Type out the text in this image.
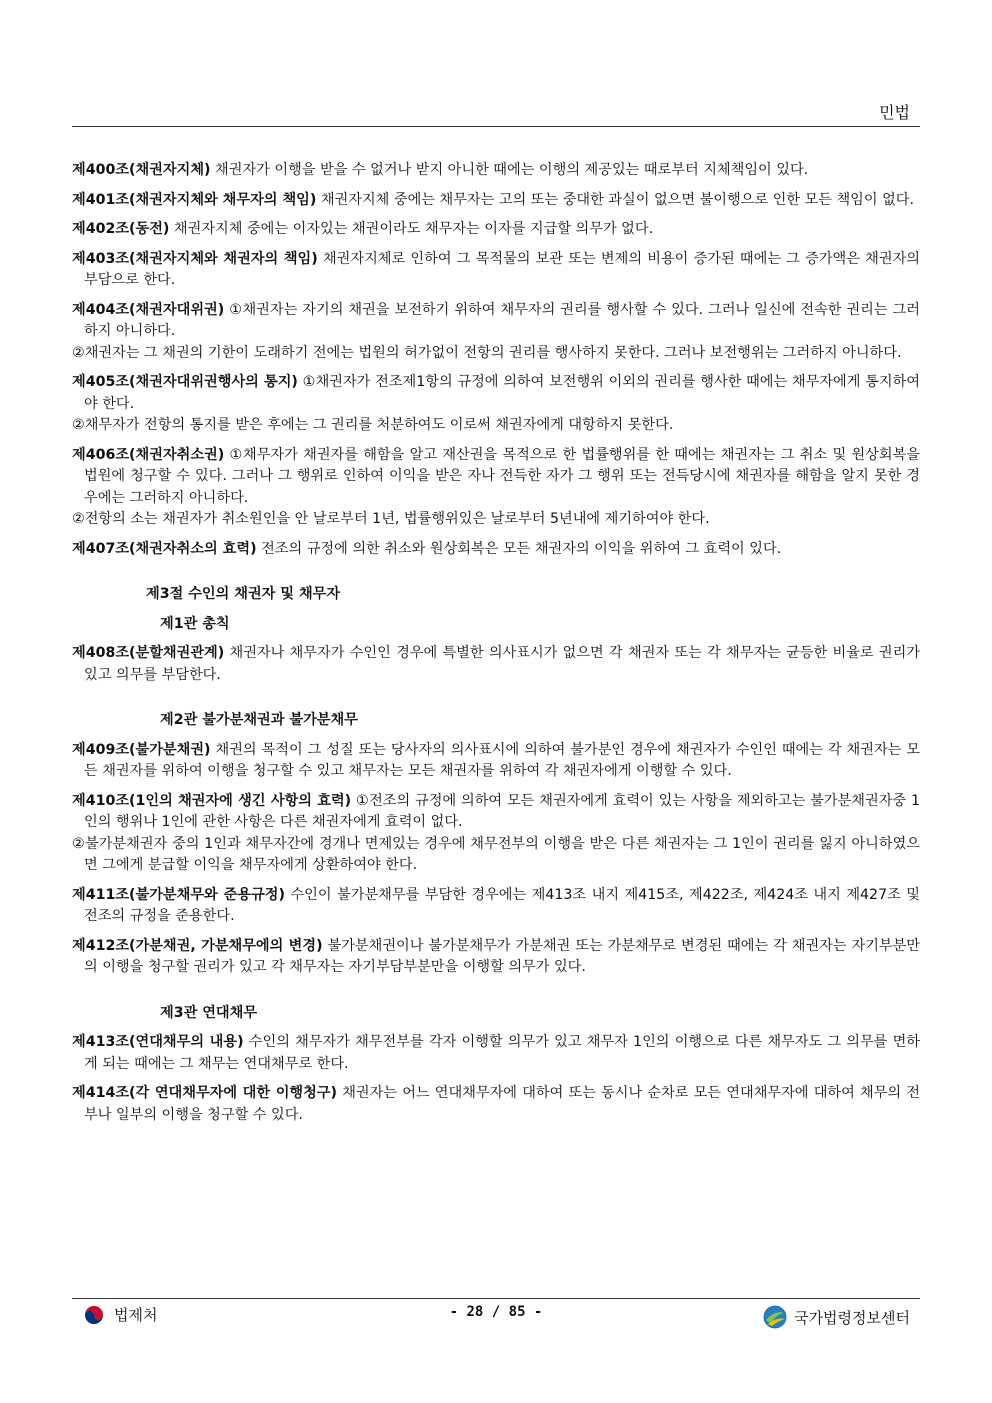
민법
제400조(채권자지체) 채권자가 이행을 받을 수 없거나 받지 아니한 때에는 이행의 제공있는 때로부터 지체책임이 있다.
제401조(채권자지체와 채무자의 책임) 채권자지체 중에는 채무자는 고의 또는 중대한 과실이 없으면 불이행으로 인한 모든 책임이 없다.
제402조(동전) 채권자지체 중에는 이자있는 채권이라도 채무자는 이자를 지급할 의무가 없다.
제403조(채권자지체와 채권자의 책임) 채권자지체로 인하여 그 목적물의 보관 또는 변제의 비용이 증가된 때에는 그 증가액은 채권자의 부담으로 한다.
제404조(채권자대위권) ①채권자는 자기의 채권을 보전하기 위하여 채무자의 권리를 행사할 수 있다. 그러나 일신에 전속한 권리는 그러하지 아니하다.
②채권자는 그 채권의 기한이 도래하기 전에는 법원의 허가없이 전항의 권리를 행사하지 못한다. 그러나 보전행위는 그러하지 아니하다.
제405조(채권자대위권행사의 통지) ①채권자가 전조제1항의 규정에 의하여 보전행위 이외의 권리를 행사한 때에는 채무자에게 통지하여야 한다.
②채무자가 전항의 통지를 받은 후에는 그 권리를 처분하여도 이로써 채권자에게 대항하지 못한다.
제406조(채권자취소권) ①채무자가 채권자를 해함을 알고 재산권을 목적으로 한 법률행위를 한 때에는 채권자는 그 취소 및 원상회복을 법원에 청구할 수 있다. 그러나 그 행위로 인하여 이익을 받은 자나 전득한 자가 그 행위 또는 전득당시에 채권자를 해함을 알지 못한 경우에는 그러하지 아니하다.
②전항의 소는 채권자가 취소원인을 안 날로부터 1년, 법률행위있은 날로부터 5년내에 제기하여야 한다.
제407조(채권자취소의 효력) 전조의 규정에 의한 취소와 원상회복은 모든 채권자의 이익을 위하여 그 효력이 있다.
제3절 수인의 채권자 및 채무자
제1관 총칙
제408조(분할채권관계) 채권자나 채무자가 수인인 경우에 특별한 의사표시가 없으면 각 채권자 또는 각 채무자는 균등한 비율로 권리가 있고 의무를 부담한다.
제2관 불가분채권과 불가분채무
제409조(불가분채권) 채권의 목적이 그 성질 또는 당사자의 의사표시에 의하여 불가분인 경우에 채권자가 수인인 때에는 각 채권자는 모든 채권자를 위하여 이행을 청구할 수 있고 채무자는 모든 채권자를 위하여 각 채권자에게 이행할 수 있다.
제410조(1인의 채권자에 생긴 사항의 효력) ①전조의 규정에 의하여 모든 채권자에게 효력이 있는 사항을 제외하고는 불가분채권자중 1인의 행위나 1인에 관한 사항은 다른 채권자에게 효력이 없다.
②불가분채권자 중의 1인과 채무자간에 경개나 면제있는 경우에 채무전부의 이행을 받은 다른 채권자는 그 1인이 권리를 잃지 아니하였으면 그에게 분급할 이익을 채무자에게 상환하여야 한다.
제411조(불가분채무와 준용규정) 수인이 불가분채무를 부담한 경우에는 제413조 내지 제415조, 제422조, 제424조 내지 제427조 및 전조의 규정을 준용한다.
제412조(가분채권, 가분채무에의 변경) 불가분채권이나 불가분채무가 가분채권 또는 가분채무로 변경된 때에는 각 채권자는 자기부분만의 이행을 청구할 권리가 있고 각 채무자는 자기부담부분만을 이행할 의무가 있다.
제3관 연대채무
제413조(연대채무의 내용) 수인의 채무자가 채무전부를 각자 이행할 의무가 있고 채무자 1인의 이행으로 다른 채무자도 그 의무를 면하게 되는 때에는 그 채무는 연대채무로 한다.
제414조(각 연대채무자에 대한 이행청구) 채권자는 어느 연대채무자에 대하여 또는 동시나 순차로 모든 연대채무자에 대하여 채무의 전부나 일부의 이행을 청구할 수 있다.
법제처	- 28 / 85 -	국가법령정보센터
